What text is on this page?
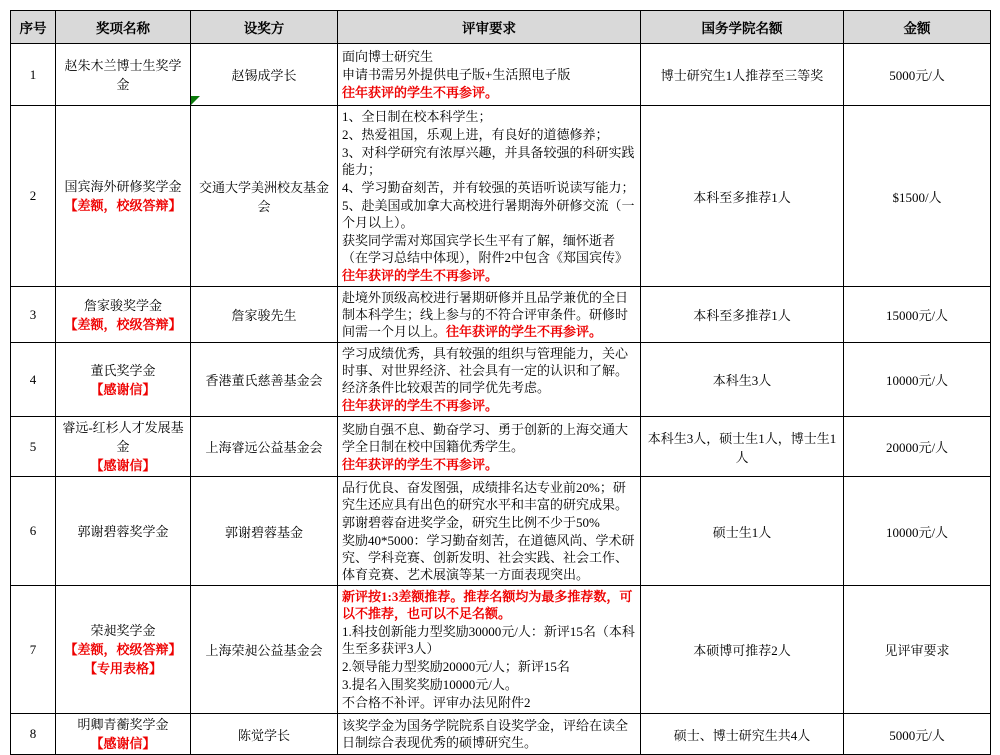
序号	奖项名称	设奖方	评审要求	国务学院名额	金额
1	赵朱木兰博士生奖学金	赵锡成学长	面向博士研究生
申请书需另外提供电子版+生活照电子版
往年获评的学生不再参评。	博士研究生1人推荐至三等奖	5000元/人
2	国宾海外研修奖学金
【差额，校级答辩】
	交通大学美洲校友基金会	
1、全日制在校本科学生；
2、热爱祖国，乐观上进，有良好的道德修养；
3、对科学研究有浓厚兴趣，并具备较强的科研实践能力；
4、学习勤奋刻苦，并有较强的英语听说读写能力；
5、赴美国或加拿大高校进行暑期海外研修交流（一个月以上）。
获奖同学需对郑国宾学长生平有了解，缅怀逝者（在学习总结中体现），附件2中包含《郑国宾传》
往年获评的学生不再参评。
	本科至多推荐1人	$1500/人
3	詹家骏奖学金
【差额，校级答辩】	詹家骏先生	赴境外顶级高校进行暑期研修并且品学兼优的全日制本科学生；线上参与的不符合评审条件。研修时间需一个月以上。往年获评的学生不再参评。	本科至多推荐1人	15000元/人
4	董氏奖学金
【感谢信】
	香港董氏慈善基金会	
学习成绩优秀，具有较强的组织与管理能力，关心时事、对世界经济、社会具有一定的认识和了解。经济条件比较艰苦的同学优先考虑。
往年获评的学生不再参评。
	本科生3人	10000元/人
5	睿远-红杉人才发展基金
【感谢信】
	上海睿远公益基金会	
奖励自强不息、勤奋学习、勇于创新的上海交通大学全日制在校中国籍优秀学生。
往年获评的学生不再参评。
	本科生3人，硕士生1人，博士生1人	20000元/人
6	郭谢碧蓉奖学金	郭谢碧蓉基金	品行优良、奋发图强，成绩排名达专业前20%；研究生还应具有出色的研究水平和丰富的研究成果。
郭谢碧蓉奋进奖学金，研究生比例不少于50%
奖励40*5000：学习勤奋刻苦，在道德风尚、学术研究、学科竞赛、创新发明、社会实践、社会工作、体育竞赛、艺术展演等某一方面表现突出。	硕士生1人	10000元/人
7	荣昶奖学金
【差额，校级答辩】
【专用表格】
	上海荣昶公益基金会	
新评按1:3差额推荐。推荐名额均为最多推荐数，可以不推荐，也可以不足名额。
1.科技创新能力型奖励30000元/人：新评15名（本科生至多获评3人）
2.领导能力型奖励20000元/人；新评15名
3.提名入围奖奖励10000元/人。
不合格不补评。评审办法见附件2
	本硕博可推荐2人	见评审要求
8	明卿青蘅奖学金
【感谢信】	陈觉学长	该奖学金为国务学院院系自设奖学金，评给在读全日制综合表现优秀的硕博研究生。	硕士、博士研究生共4人	5000元/人
